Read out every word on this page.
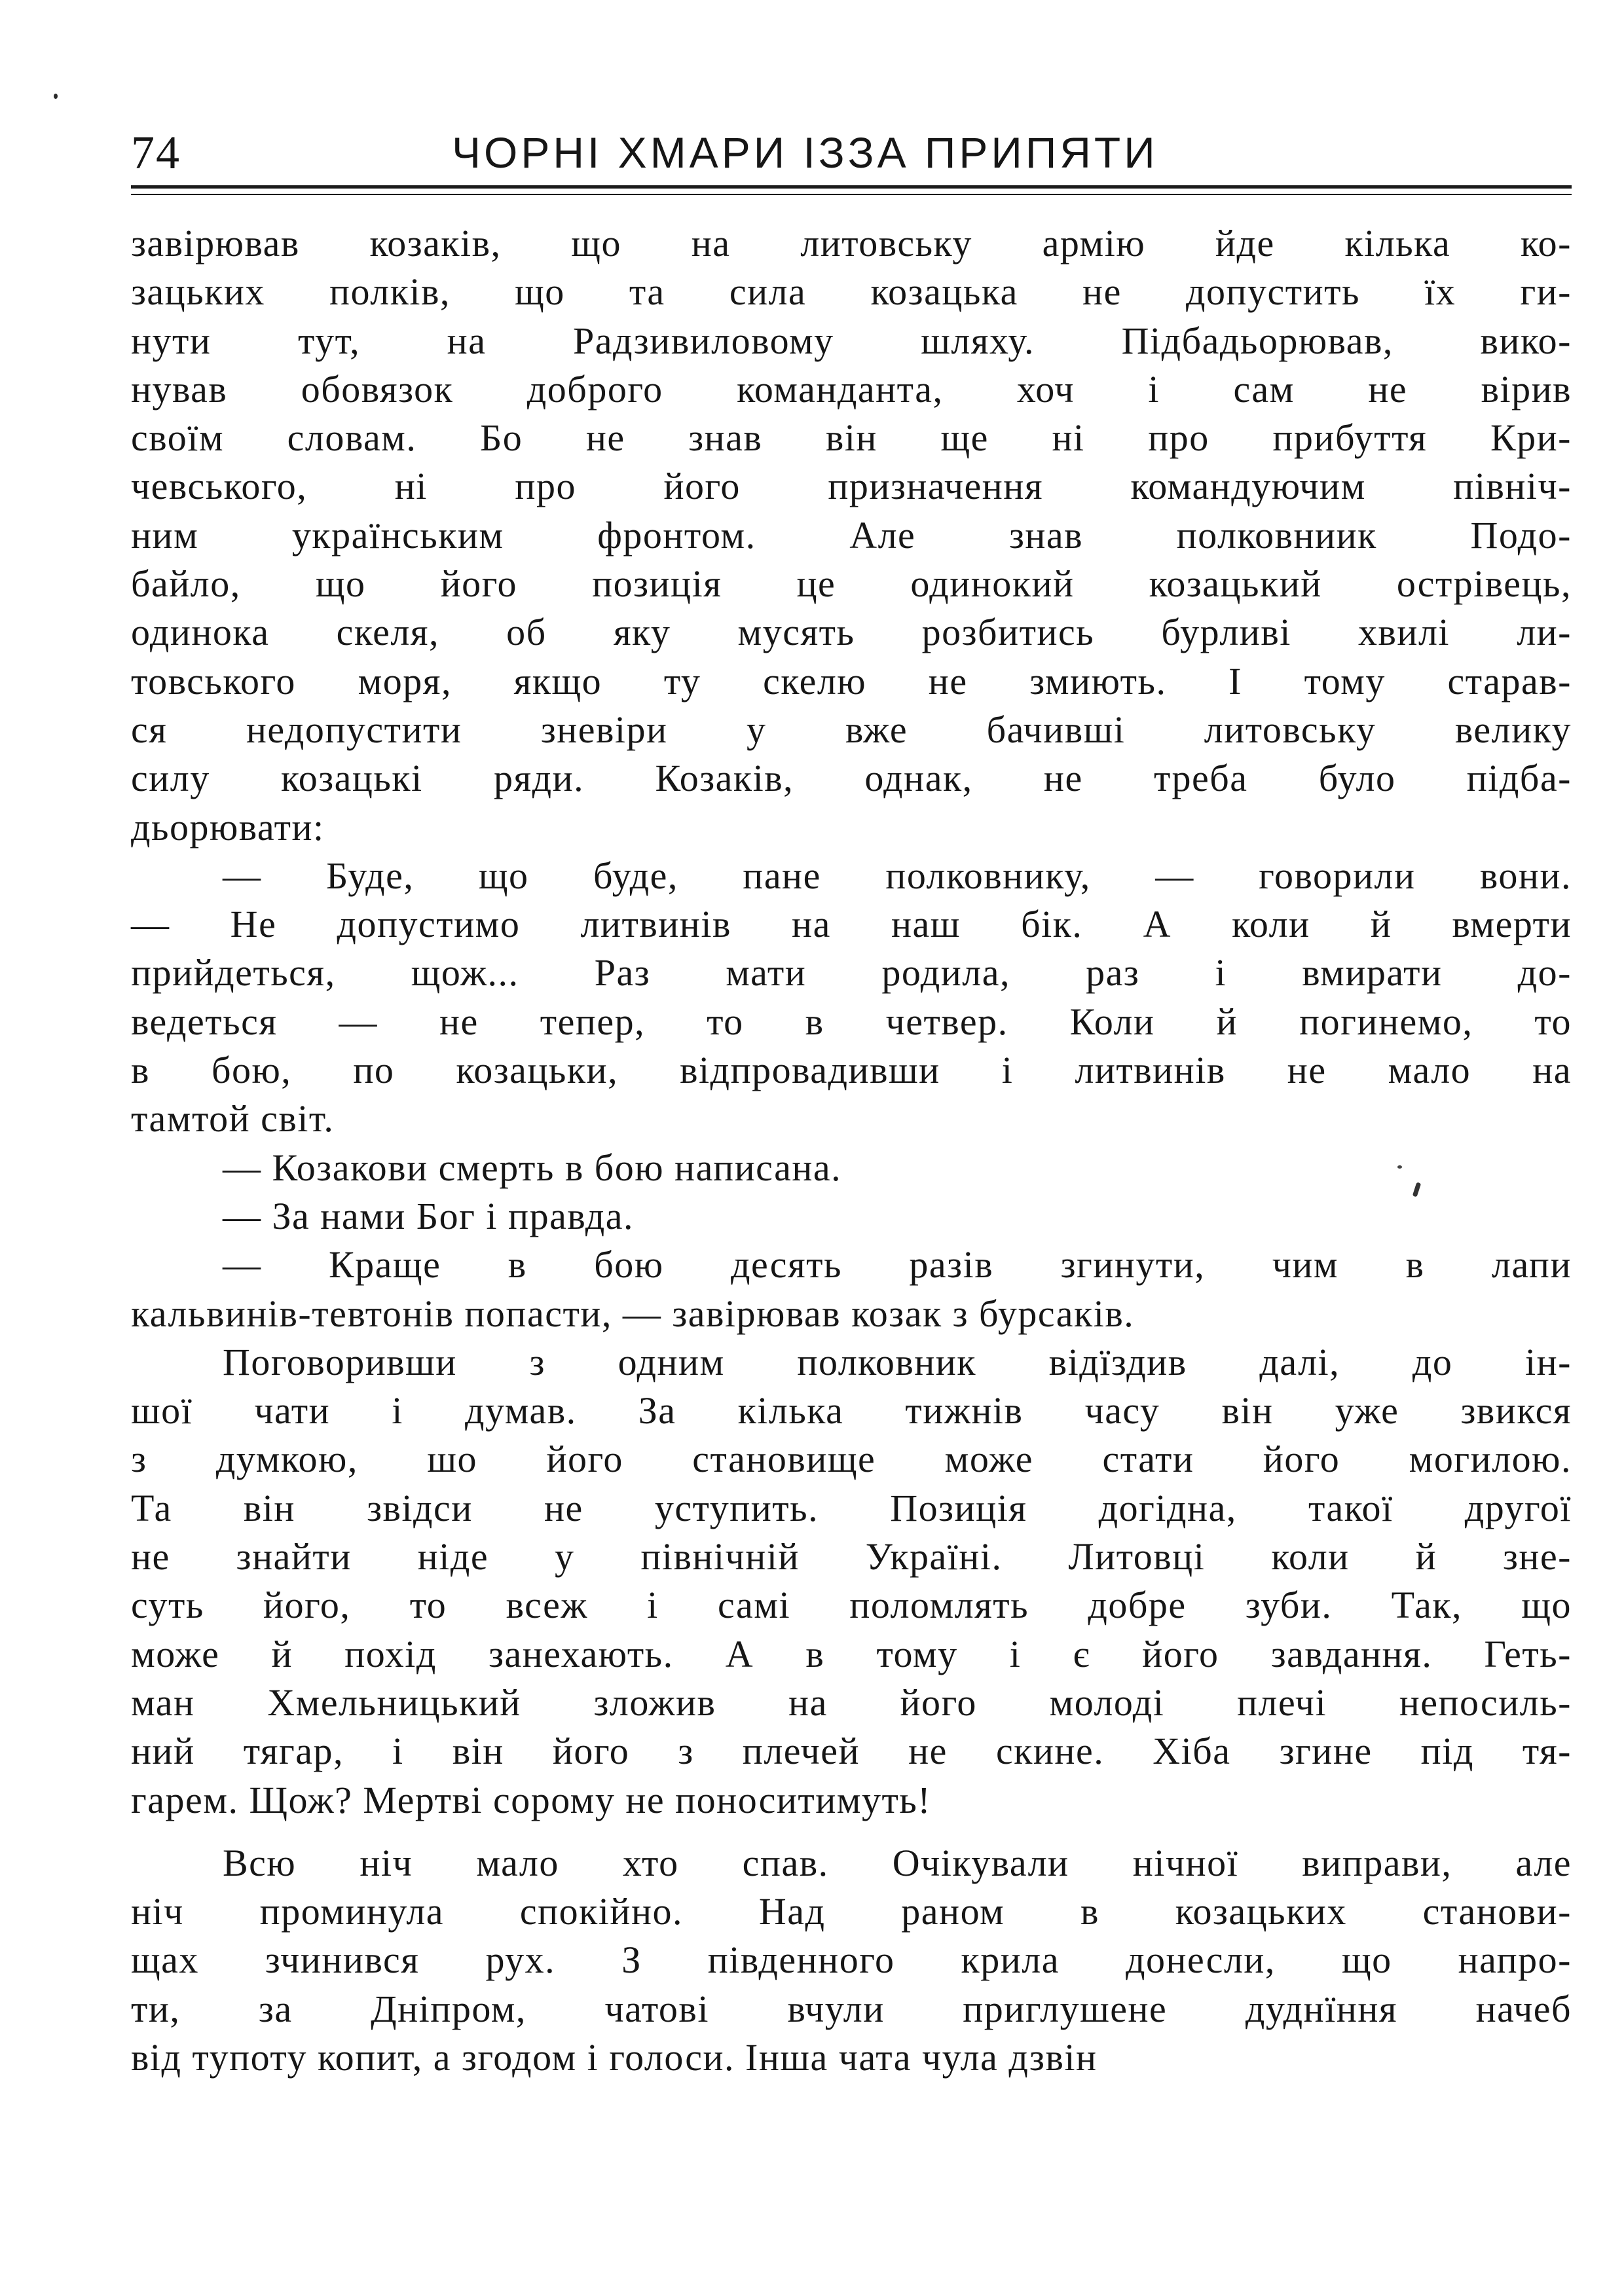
74	ЧОРНІ ХМАРИ ІЗЗА ПРИПЯТИ
завірював козаків, що на литовську армію йде кілька ко-
зацьких полків, що та сила козацька не допустить їх ги-
нути тут, на Радзивиловому шляху. Підбадьорював, вико-
нував обовязок доброго команданта, хоч і сам не вірив
своїм словам. Бо не знав він ще ні про прибуття Кри-
чевського, ні про його призначення командуючим північ-
ним українським фронтом. Але знав полковниик Подо-
байло, що його позиція це одинокий козацький острівець,
одинока скеля, об яку мусять розбитись бурливі хвилі ли-
товського моря, якщо ту скелю не змиють. І тому старав-
ся недопустити зневіри у вже бачивші литовську велику
силу козацькі ряди. Козаків, однак, не треба було підба-
дьорювати:
— Буде, що буде, пане полковнику, — говорили вони.
— Не допустимо литвинів на наш бік. А коли й вмерти
прийдеться, щож... Раз мати родила, раз і вмирати до-
ведеться — не тепер, то в четвер. Коли й погинемо, то
в бою, по козацьки, відпровадивши і литвинів не мало на
тамтой світ.
— Козакови смерть в бою написана.
— За нами Бог і правда.
— Краще в бою десять разів згинути, чим в лапи
кальвинів-тевтонів попасти, — завірював козак з бурсаків.
Поговоривши з одним полковник відїздив далі, до ін-
шої чати і думав. За кілька тижнів часу він уже звикся
з думкою, шо його становище може стати його могилою.
Та він звідси не уступить. Позиція догідна, такої другої
не знайти ніде у північній Україні. Литовці коли й зне-
суть його, то всеж і самі поломлять добре зуби. Так, що
може й похід занехають. А в тому і є його завдання. Геть-
ман Хмельницький зложив на його молоді плечі непосиль-
ний тягар, і він його з плечей не скине. Хіба згине під тя-
гарем. Щож? Мертві сорому не поноситимуть!
Всю ніч мало хто спав. Очікували нічної виправи, але
ніч проминула спокійно. Над раном в козацьких станови-
щах зчинився рух. З південного крила донесли, що напро-
ти, за Дніпром, чатові вчули приглушене дуднїння начеб
від тупоту копит, а згодом і голоси. Інша чата чула дзвін
